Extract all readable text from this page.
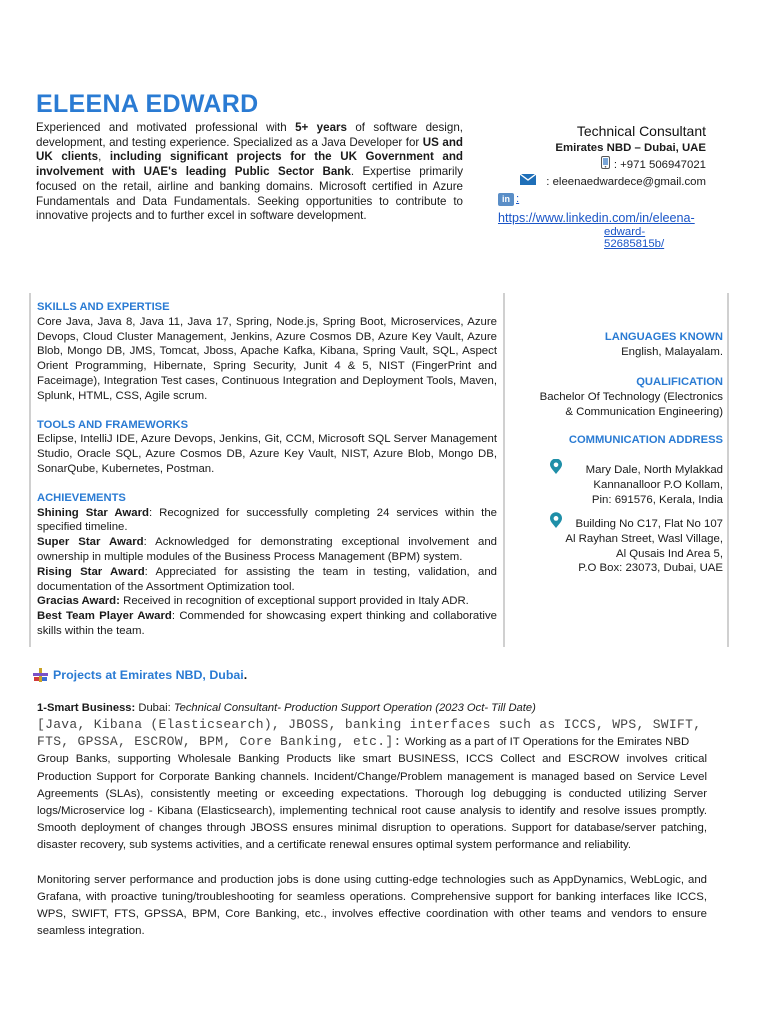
ELEENA EDWARD
Experienced and motivated professional with 5+ years of software design, development, and testing experience. Specialized as a Java Developer for US and UK clients, including significant projects for the UK Government and involvement with UAE's leading Public Sector Bank. Expertise primarily focused on the retail, airline and banking domains. Microsoft certified in Azure Fundamentals and Data Fundamentals. Seeking opportunities to contribute to innovative projects and to further excel in software development.
Technical Consultant
Emirates NBD – Dubai, UAE
: +971 506947021
: eleenaedwardece@gmail.com
in :
https://www.linkedin.com/in/eleena-
edward-
52685815b/
SKILLS AND EXPERTISE
Core Java, Java 8, Java 11, Java 17, Spring, Node.js, Spring Boot, Microservices, Azure Devops, Cloud Cluster Management, Jenkins, Azure Cosmos DB, Azure Key Vault, Azure Blob, Mongo DB, JMS, Tomcat, Jboss, Apache Kafka, Kibana, Spring Vault, SQL, Aspect Orient Programming, Hibernate, Spring Security, Junit 4 & 5, NIST (FingerPrint and Faceimage), Integration Test cases, Continuous Integration and Deployment Tools, Maven, Splunk, HTML, CSS, Agile scrum.
TOOLS AND FRAMEWORKS
Eclipse, IntelliJ IDE, Azure Devops, Jenkins, Git, CCM, Microsoft SQL Server Management Studio, Oracle SQL, Azure Cosmos DB, Azure Key Vault, NIST, Azure Blob, Mongo DB, SonarQube, Kubernetes, Postman.
ACHIEVEMENTS
Shining Star Award: Recognized for successfully completing 24 services within the specified timeline.
Super Star Award: Acknowledged for demonstrating exceptional involvement and ownership in multiple modules of the Business Process Management (BPM) system.
Rising Star Award: Appreciated for assisting the team in testing, validation, and documentation of the Assortment Optimization tool.
Gracias Award: Received in recognition of exceptional support provided in Italy ADR.
Best Team Player Award: Commended for showcasing expert thinking and collaborative skills within the team.
LANGUAGES KNOWN
English, Malayalam.
QUALIFICATION
Bachelor Of Technology (Electronics
& Communication Engineering)
COMMUNICATION ADDRESS
Mary Dale, North Mylakkad
Kannanalloor P.O Kollam,
Pin: 691576, Kerala, India
Building No C17, Flat No 107
Al Rayhan Street, Wasl Village,
Al Qusais Ind Area 5,
P.O Box: 23073, Dubai, UAE
Projects at Emirates NBD, Dubai.
1-Smart Business: Dubai: Technical Consultant- Production Support Operation (2023 Oct- Till Date)
[Java, Kibana (Elasticsearch), JBOSS, banking interfaces such as ICCS, WPS, SWIFT,
FTS, GPSSA, ESCROW, BPM, Core Banking, etc.]: Working as a part of IT Operations for the Emirates NBD
Group Banks, supporting Wholesale Banking Products like smart BUSINESS, ICCS Collect and ESCROW involves critical Production Support for Corporate Banking channels. Incident/Change/Problem management is managed based on Service Level Agreements (SLAs), consistently meeting or exceeding expectations. Thorough log debugging is conducted utilizing Server logs/Microservice log - Kibana (Elasticsearch), implementing technical root cause analysis to identify and resolve issues promptly. Smooth deployment of changes through JBOSS ensures minimal disruption to operations. Support for database/server patching, disaster recovery, sub systems activities, and a certificate renewal ensures optimal system performance and reliability.
Monitoring server performance and production jobs is done using cutting-edge technologies such as AppDynamics, WebLogic, and Grafana, with proactive tuning/troubleshooting for seamless operations. Comprehensive support for banking interfaces like ICCS, WPS, SWIFT, FTS, GPSSA, BPM, Core Banking, etc., involves effective coordination with other teams and vendors to ensure seamless integration.
